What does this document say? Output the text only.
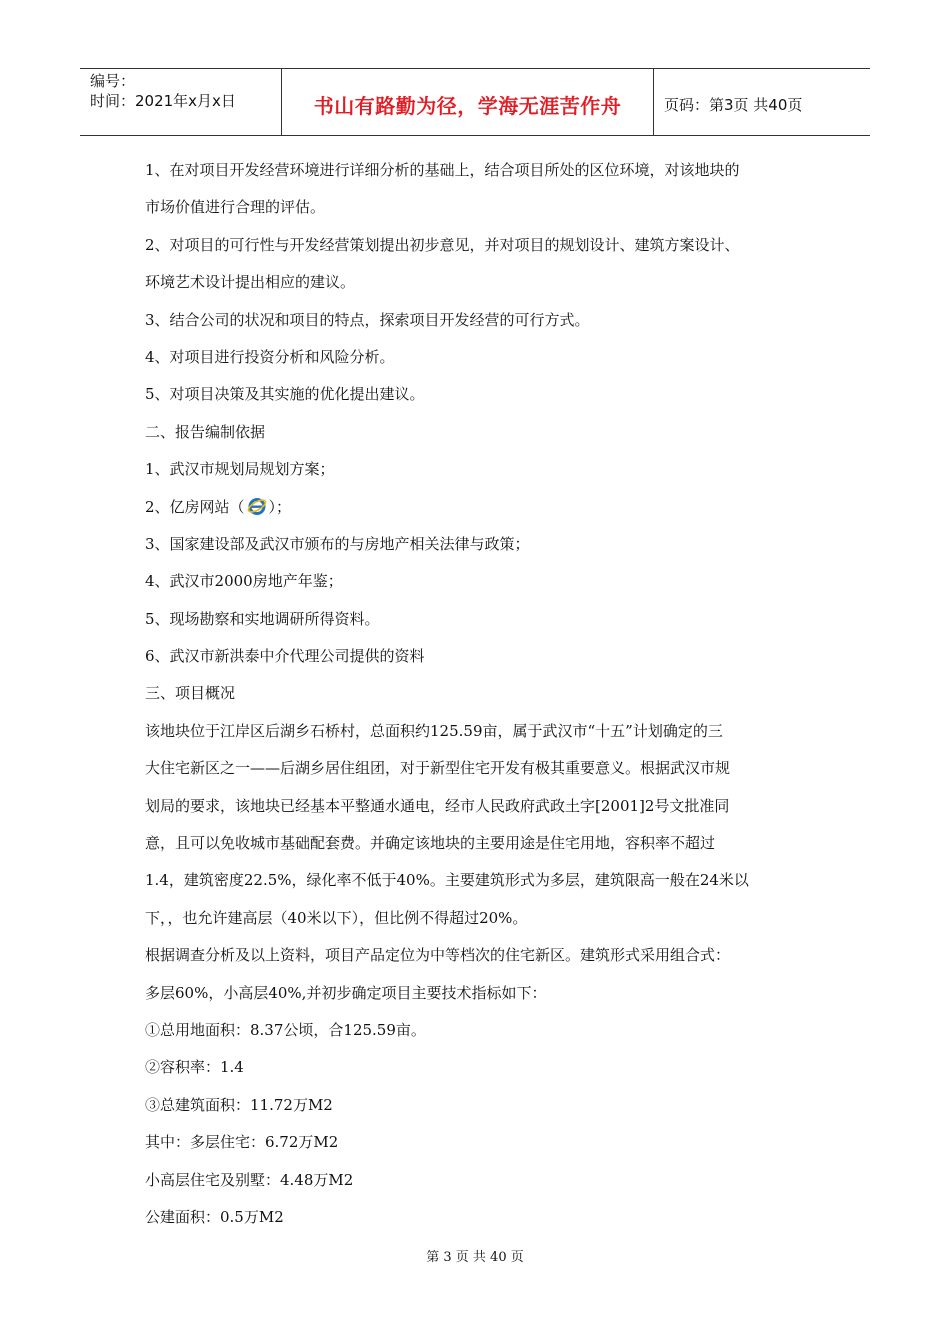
编号：
时间：2021年x月x日	书山有路勤为径，学海无涯苦作舟	页码：第3页 共40页
1、在对项目开发经营环境进行详细分析的基础上，结合项目所处的区位环境，对该地块的
市场价值进行合理的评估。
2、对项目的可行性与开发经营策划提出初步意见，并对项目的规划设计、建筑方案设计、
环境艺术设计提出相应的建议。
3、结合公司的状况和项目的特点，探索项目开发经营的可行方式。
4、对项目进行投资分析和风险分析。
5、对项目决策及其实施的优化提出建议。
二、报告编制依据
1、武汉市规划局规划方案；
2、亿房网站（ ）；
3、国家建设部及武汉市颁布的与房地产相关法律与政策；
4、武汉市2000房地产年鉴；
5、现场勘察和实地调研所得资料。
6、武汉市新洪泰中介代理公司提供的资料
三、项目概况
该地块位于江岸区后湖乡石桥村，总面积约125.59亩，属于武汉市“十五”计划确定的三
大住宅新区之一——后湖乡居住组团，对于新型住宅开发有极其重要意义。根据武汉市规
划局的要求，该地块已经基本平整通水通电，经市人民政府武政土字[2001]2号文批准同
意，且可以免收城市基础配套费。并确定该地块的主要用途是住宅用地，容积率不超过
1.4，建筑密度22.5%，绿化率不低于40%。主要建筑形式为多层，建筑限高一般在24米以
下，，也允许建高层（40米以下），但比例不得超过20%。
根据调查分析及以上资料，项目产品定位为中等档次的住宅新区。建筑形式采用组合式：
多层60%，小高层40%,并初步确定项目主要技术指标如下：
①总用地面积：8.37公顷，合125.59亩。
②容积率：1.4
③总建筑面积：11.72万M2
其中：多层住宅：6.72万M2
小高层住宅及别墅：4.48万M2
公建面积：0.5万M2
第 3 页 共 40 页
